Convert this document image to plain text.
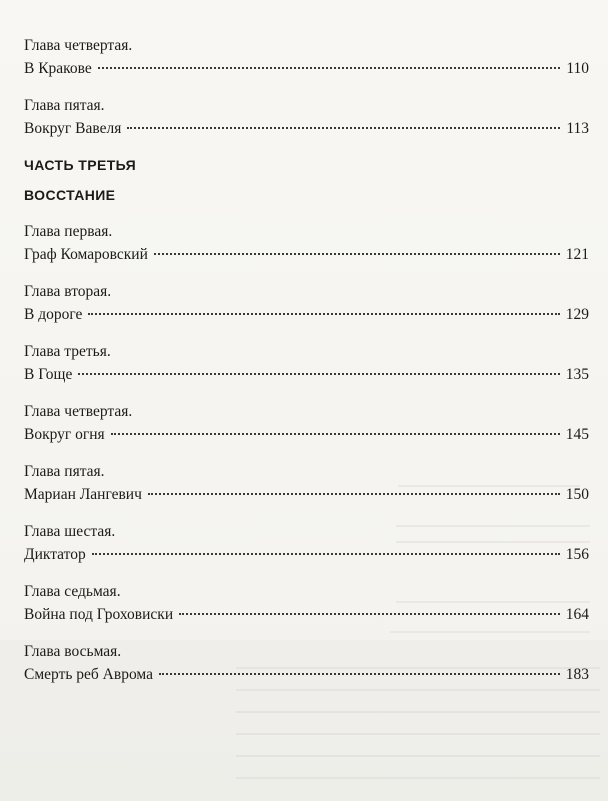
Глава четвертая.
В Кракове	110
Глава пятая.
Вокруг Вавеля	113
ЧАСТЬ ТРЕТЬЯ
ВОССТАНИЕ
Глава первая.
Граф Комаровский	121
Глава вторая.
В дороге	129
Глава третья.
В Гоще	135
Глава четвертая.
Вокруг огня	145
Глава пятая.
Мариан Лангевич	150
Глава шестая.
Диктатор	156
Глава седьмая.
Война под Гроховиски	164
Глава восьмая.
Смерть реб Аврома	183
